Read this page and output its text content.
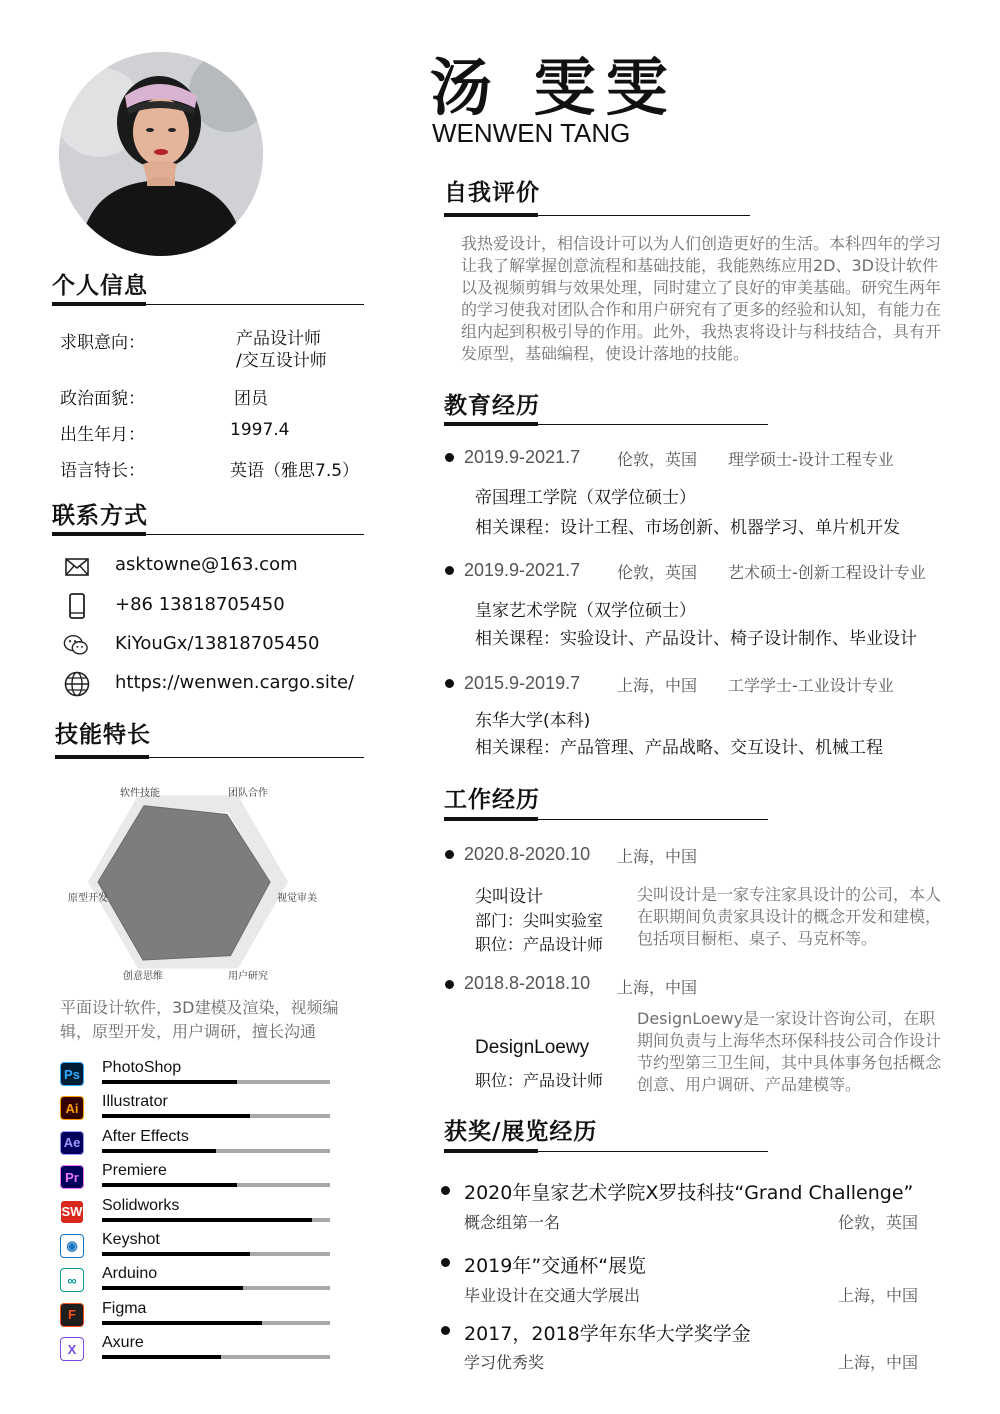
个人信息
求职意向：	产品设计师
/交互设计师
政治面貌：	团员
出生年月：	1997.4
语言特长：	英语（雅思7.5）
联系方式
asktowne@163.com
+86 13818705450
KiYouGx/13818705450
https://wenwen.cargo.site/
技能特长
软件技能	团队合作
视觉审美
用户研究
创意思维
原型开发
平面设计软件，3D建模及渲染，视频编辑，原型开发，用户调研，擅长沟通
Ps PhotoShop
Ai	Illustrator
Ae After Effects
Pr	Premiere
SW Solidworks
◉	Keyshot
∞	Arduino
F	Figma
X	Axure
汤 雯雯
WENWEN TANG
自我评价
我热爱设计，相信设计可以为人们创造更好的生活。本科四年的学习让我了解掌握创意流程和基础技能，我能熟练应用2D、3D设计软件以及视频剪辑与效果处理，同时建立了良好的审美基础。研究生两年的学习使我对团队合作和用户研究有了更多的经验和认知，有能力在组内起到积极引导的作用。此外，我热衷将设计与科技结合，具有开发原型，基础编程，使设计落地的技能。
教育经历
2019.9-2021.7 伦敦，英国 理学硕士-设计工程专业
帝国理工学院（双学位硕士）
相关课程：设计工程、市场创新、机器学习、单片机开发
2019.9-2021.7 伦敦，英国 艺术硕士-创新工程设计专业
皇家艺术学院（双学位硕士）
相关课程：实验设计、产品设计、椅子设计制作、毕业设计
2015.9-2019.7 上海，中国 工学学士-工业设计专业
东华大学(本科)
相关课程：产品管理、产品战略、交互设计、机械工程
工作经历
2020.8-2020.10 上海，中国
尖叫设计
部门：尖叫实验室
职位：产品设计师
尖叫设计是一家专注家具设计的公司，本人在职期间负责家具设计的概念开发和建模，包括项目橱柜、桌子、马克杯等。
2018.8-2018.10 上海，中国
DesignLoewy
职位：产品设计师
DesignLoewy是一家设计咨询公司，在职期间负责与上海华杰环保科技公司合作设计节约型第三卫生间，其中具体事务包括概念创意、用户调研、产品建模等。
获奖/展览经历
2020年皇家艺术学院X罗技科技“Grand Challenge”
概念组第一名	伦敦，英国
2019年”交通杯“展览
毕业设计在交通大学展出	上海，中国
2017，2018学年东华大学奖学金
学习优秀奖	上海，中国
